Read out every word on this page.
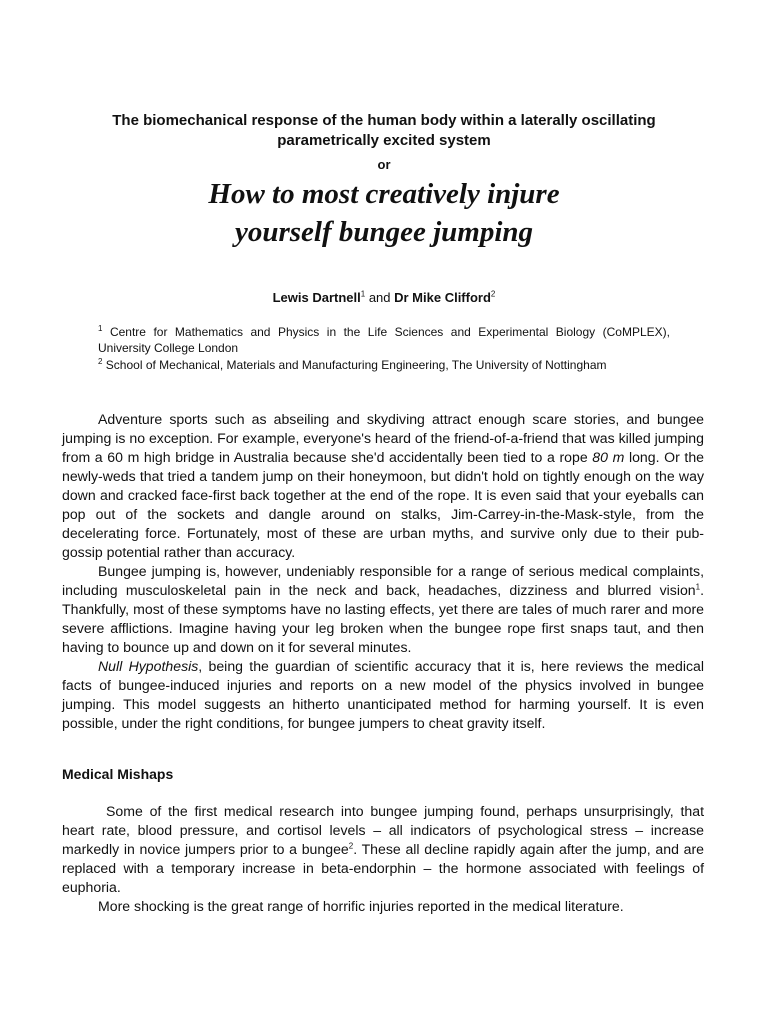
The biomechanical response of the human body within a laterally oscillating parametrically excited system
or
How to most creatively injure
yourself bungee jumping
Lewis Dartnell$^1$ and Dr Mike Clifford$^2$
$^1$ Centre for Mathematics and Physics in the Life Sciences and Experimental Biology (CoMPLEX), University College London
$^2$ School of Mechanical, Materials and Manufacturing Engineering, The University of Nottingham

Adventure sports such as abseiling and skydiving attract enough scare stories, and bungee jumping is no exception. For example, everyone's heard of the friend-of-a-friend that was killed jumping from a 60 m high bridge in Australia because she'd accidentally been tied to a rope 80 m long. Or the newly-weds that tried a tandem jump on their honeymoon, but didn't hold on tightly enough on the way down and cracked face-first back together at the end of the rope. It is even said that your eyeballs can pop out of the sockets and dangle around on stalks, Jim-Carrey-in-the-Mask-style, from the decelerating force. Fortunately, most of these are urban myths, and survive only due to their pub-gossip potential rather than accuracy.

Bungee jumping is, however, undeniably responsible for a range of serious medical complaints, including musculoskeletal pain in the neck and back, headaches, dizziness and blurred vision$^1$. Thankfully, most of these symptoms have no lasting effects, yet there are tales of much rarer and more severe afflictions. Imagine having your leg broken when the bungee rope first snaps taut, and then having to bounce up and down on it for several minutes.

Null Hypothesis, being the guardian of scientific accuracy that it is, here reviews the medical facts of bungee-induced injuries and reports on a new model of the physics involved in bungee jumping. This model suggests an hitherto unanticipated method for harming yourself. It is even possible, under the right conditions, for bungee jumpers to cheat gravity itself.

Medical Mishaps

Some of the first medical research into bungee jumping found, perhaps unsurprisingly, that heart rate, blood pressure, and cortisol levels – all indicators of psychological stress – increase markedly in novice jumpers prior to a bungee$^2$. These all decline rapidly again after the jump, and are replaced with a temporary increase in beta-endorphin – the hormone associated with feelings of euphoria.

More shocking is the great range of horrific injuries reported in the medical literature.
